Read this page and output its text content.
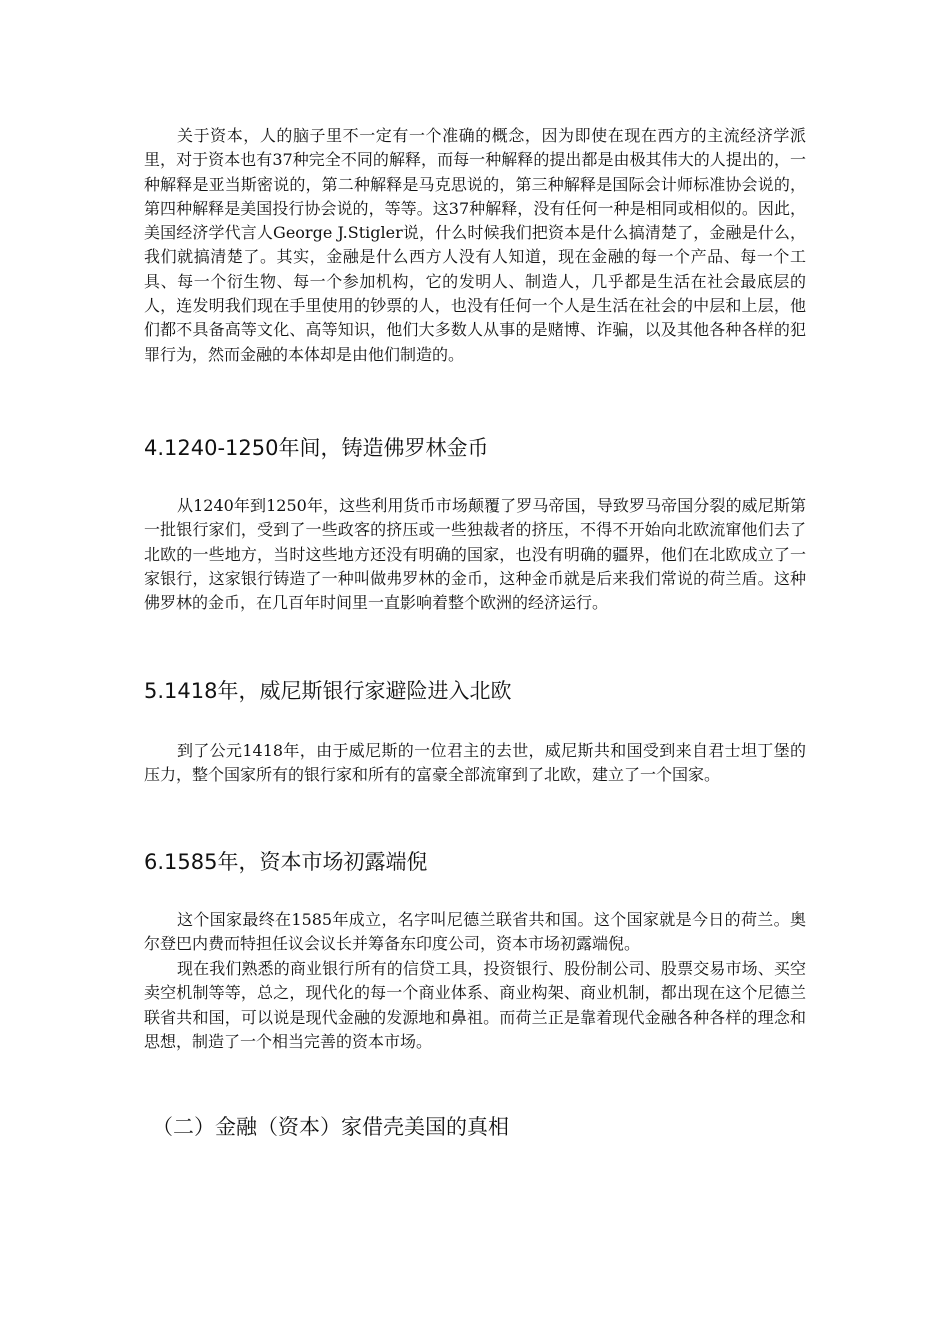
关于资本，人的脑子里不一定有一个准确的概念，因为即使在现在西方的主流经济学派里，对于资本也有37种完全不同的解释，而每一种解释的提出都是由极其伟大的人提出的，一种解释是亚当斯密说的，第二种解释是马克思说的，第三种解释是国际会计师标准协会说的，第四种解释是美国投行协会说的，等等。这37种解释，没有任何一种是相同或相似的。因此，美国经济学代言人George J.Stigler说，什么时候我们把资本是什么搞清楚了，金融是什么，我们就搞清楚了。其实，金融是什么西方人没有人知道，现在金融的每一个产品、每一个工具、每一个衍生物、每一个参加机构，它的发明人、制造人，几乎都是生活在社会最底层的人，连发明我们现在手里使用的钞票的人，也没有任何一个人是生活在社会的中层和上层，他们都不具备高等文化、高等知识，他们大多数人从事的是赌博、诈骗，以及其他各种各样的犯罪行为，然而金融的本体却是由他们制造的。

4.1240-1250年间，铸造佛罗林金币

从1240年到1250年，这些利用货币市场颠覆了罗马帝国，导致罗马帝国分裂的威尼斯第一批银行家们，受到了一些政客的挤压或一些独裁者的挤压，不得不开始向北欧流窜他们去了北欧的一些地方，当时这些地方还没有明确的国家，也没有明确的疆界，他们在北欧成立了一家银行，这家银行铸造了一种叫做弗罗林的金币，这种金币就是后来我们常说的荷兰盾。这种佛罗林的金币，在几百年时间里一直影响着整个欧洲的经济运行。

5.1418年，威尼斯银行家避险进入北欧

到了公元1418年，由于威尼斯的一位君主的去世，威尼斯共和国受到来自君士坦丁堡的压力，整个国家所有的银行家和所有的富豪全部流窜到了北欧，建立了一个国家。

6.1585年，资本市场初露端倪

这个国家最终在1585年成立，名字叫尼德兰联省共和国。这个国家就是今日的荷兰。奥尔登巴内费而特担任议会议长并筹备东印度公司，资本市场初露端倪。

现在我们熟悉的商业银行所有的信贷工具，投资银行、股份制公司、股票交易市场、买空卖空机制等等，总之，现代化的每一个商业体系、商业构架、商业机制，都出现在这个尼德兰联省共和国，可以说是现代金融的发源地和鼻祖。而荷兰正是靠着现代金融各种各样的理念和思想，制造了一个相当完善的资本市场。

（二）金融（资本）家借壳美国的真相
